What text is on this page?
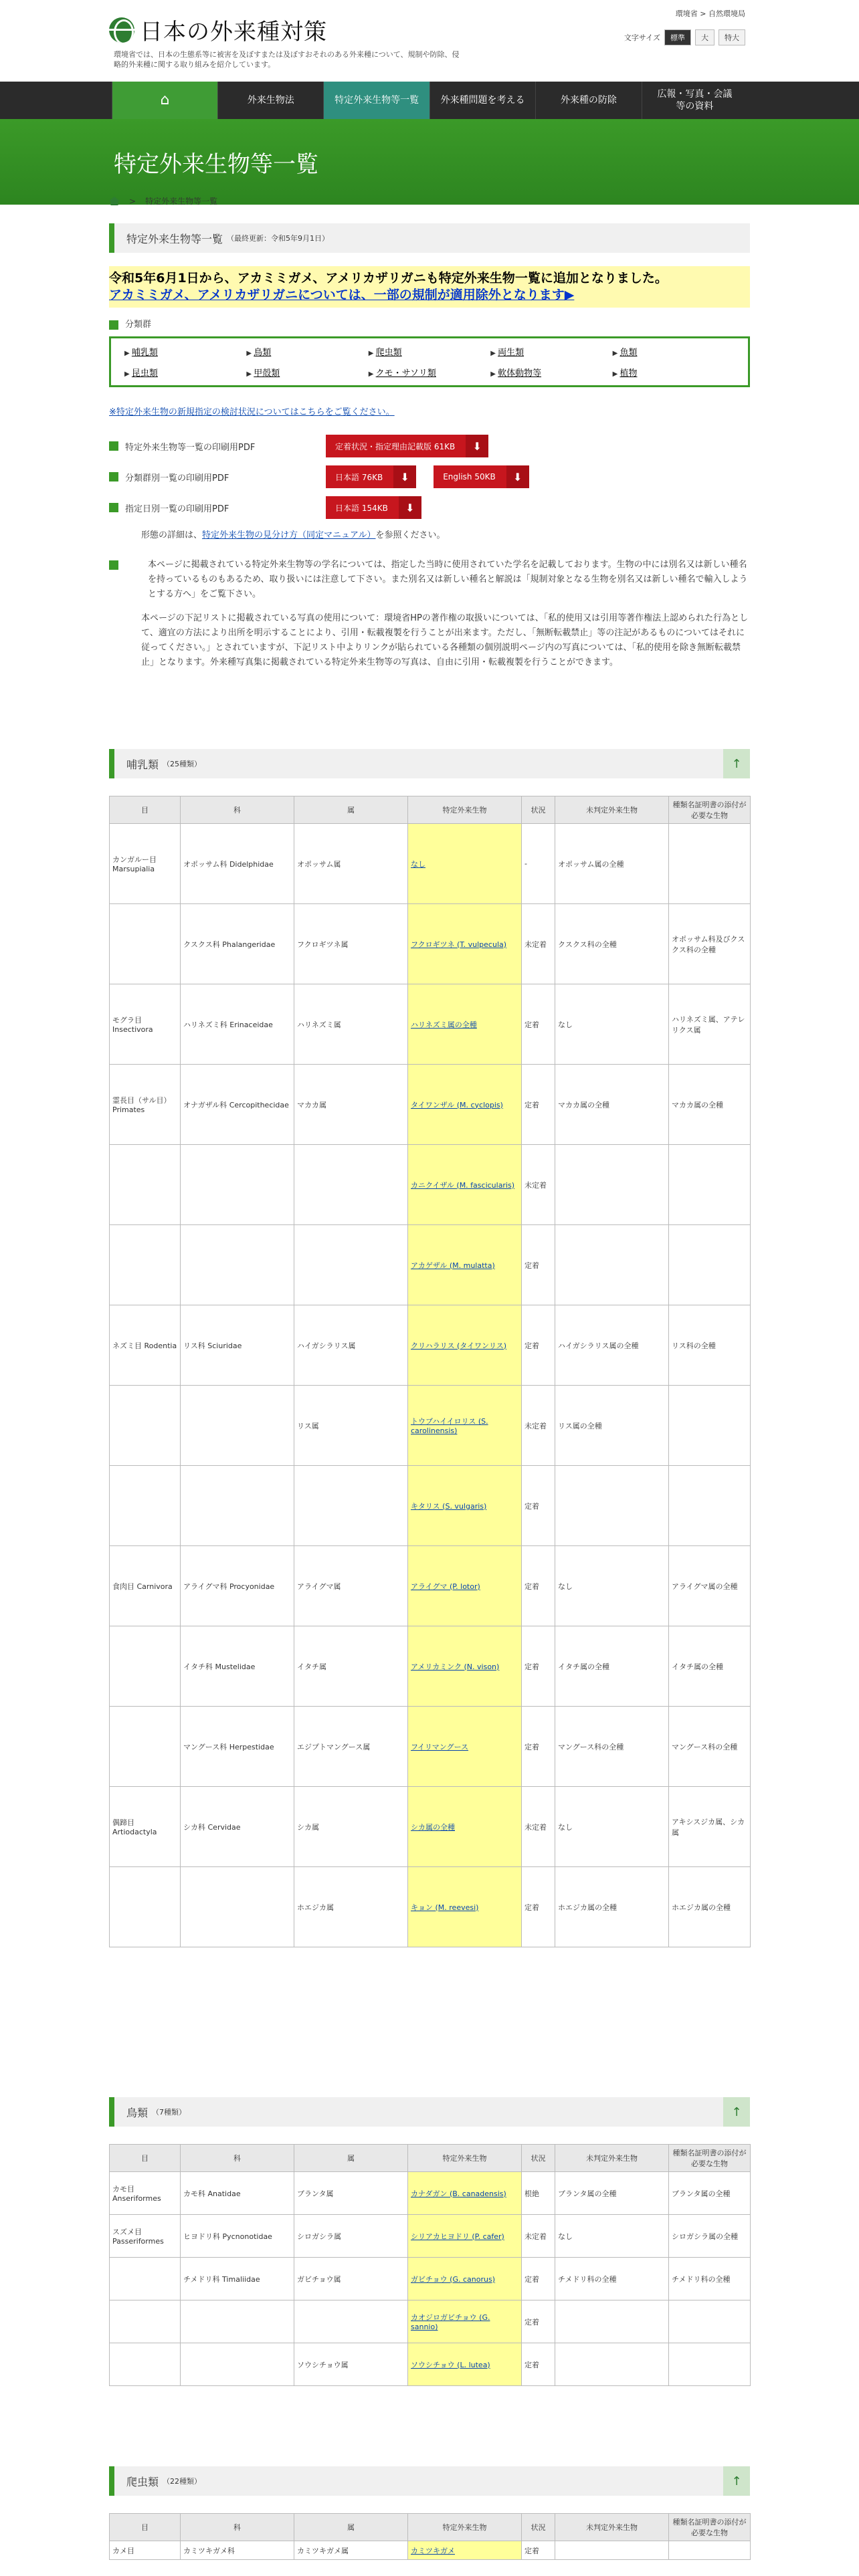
日本の外来種対策
環境省では、日本の生態系等に被害を及ぼすまたは及ぼすおそれのある外来種について、規制や防除、侵略的外来種に関する取り組みを紹介しています。
環境省 > 自然環境局
文字サイズ	標準	大	特大
⌂	外来生物法	特定外来生物等一覧	外来種問題を考える	外来種の防除
広報・写真・会議
等の資料
特定外来生物等一覧
> 特定外来生物等一覧
特定外来生物等一覧 （最終更新：令和5年9月1日）
令和5年6月1日から、アカミミガメ、アメリカザリガニも特定外来生物一覧に追加となりました。
アカミミガメ、アメリカザリガニについては、一部の規制が適用除外となります▶
分類群
▶ 哺乳類	▶ 鳥類	▶ 爬虫類	▶ 両生類	▶ 魚類
▶ 昆虫類	▶ 甲殻類	▶ クモ・サソリ類	▶ 軟体動物等	▶ 植物
※特定外来生物の新規指定の検討状況についてはこちらをご覧ください。
特定外来生物等一覧の印刷用PDF	定着状況・指定理由記載版 61KB	⬇
分類群別一覧の印刷用PDF	日本語 76KB	⬇	English 50KB	⬇
指定日別一覧の印刷用PDF	日本語 154KB	⬇
形態の詳細は、特定外来生物の見分け方（同定マニュアル）を参照ください。
本ページに掲載されている特定外来生物等の学名については、指定した当時に使用されていた学名を記載しております。生物の中には別名又は新しい種名を持っているものもあるため、取り扱いには注意して下さい。また別名又は新しい種名と解説は「規制対象となる生物を別名又は新しい種名で輸入しようとする方へ」をご覧下さい。
本ページの下記リストに掲載されている写真の使用について：環境省HPの著作権の取扱いについては、「私的使用又は引用等著作権法上認められた行為として、適宜の方法により出所を明示することにより、引用・転載複製を行うことが出来ます。ただし、「無断転載禁止」等の注記があるものについてはそれに従ってください。」とされていますが、下記リスト中よりリンクが貼られている各種類の個別説明ページ内の写真については、「私的使用を除き無断転載禁止」となります。外来種写真集に掲載されている特定外来生物等の写真は、自由に引用・転載複製を行うことができます。
哺乳類 （25種類）	↑
目	科	属	特定外来生物	状況	未判定外来生物	種類名証明書の添付が必要な生物
カンガルー目 Marsupialia	オポッサム科 Didelphidae	オポッサム属	なし	-	オポッサム属の全種	
	クスクス科 Phalangeridae	フクロギツネ属	フクロギツネ (T. vulpecula)	未定着	クスクス科の全種	オポッサム科及びクスクス科の全種
モグラ目 Insectivora	ハリネズミ科 Erinaceidae	ハリネズミ属	ハリネズミ属の全種	定着	なし	ハリネズミ属、アテレリクス属
霊長目（サル目）Primates	オナガザル科 Cercopithecidae	マカカ属	タイワンザル (M. cyclopis)	定着	マカカ属の全種	マカカ属の全種
			カニクイザル (M. fascicularis)	未定着		
			アカゲザル (M. mulatta)	定着		
ネズミ目 Rodentia	リス科 Sciuridae	ハイガシラリス属	クリハラリス (タイワンリス)	定着	ハイガシラリス属の全種	リス科の全種
		リス属	トウブハイイロリス (S. carolinensis)	未定着	リス属の全種	
			キタリス (S. vulgaris)	定着		
食肉目 Carnivora	アライグマ科 Procyonidae	アライグマ属	アライグマ (P. lotor)	定着	なし	アライグマ属の全種
	イタチ科 Mustelidae	イタチ属	アメリカミンク (N. vison)	定着	イタチ属の全種	イタチ属の全種
	マングース科 Herpestidae	エジプトマングース属	フイリマングース	定着	マングース科の全種	マングース科の全種
偶蹄目 Artiodactyla	シカ科 Cervidae	シカ属	シカ属の全種	未定着	なし	アキシスジカ属、シカ属
		ホエジカ属	キョン (M. reevesi)	定着	ホエジカ属の全種	ホエジカ属の全種
鳥類 （7種類）	↑
目	科	属	特定外来生物	状況	未判定外来生物	種類名証明書の添付が必要な生物
カモ目 Anseriformes	カモ科 Anatidae	ブランタ属	カナダガン (B. canadensis)	根絶	ブランタ属の全種	ブランタ属の全種
スズメ目 Passeriformes	ヒヨドリ科 Pycnonotidae	シロガシラ属	シリアカヒヨドリ (P. cafer)	未定着	なし	シロガシラ属の全種
	チメドリ科 Timaliidae	ガビチョウ属	ガビチョウ (G. canorus)	定着	チメドリ科の全種	チメドリ科の全種
			カオジロガビチョウ (G. sannio)	定着		
		ソウシチョウ属	ソウシチョウ (L. lutea)	定着		
爬虫類 （22種類）	↑
目	科	属	特定外来生物	状況	未判定外来生物	種類名証明書の添付が必要な生物
カメ目	カミツキガメ科	カミツキガメ属	カミツキガメ	定着		
